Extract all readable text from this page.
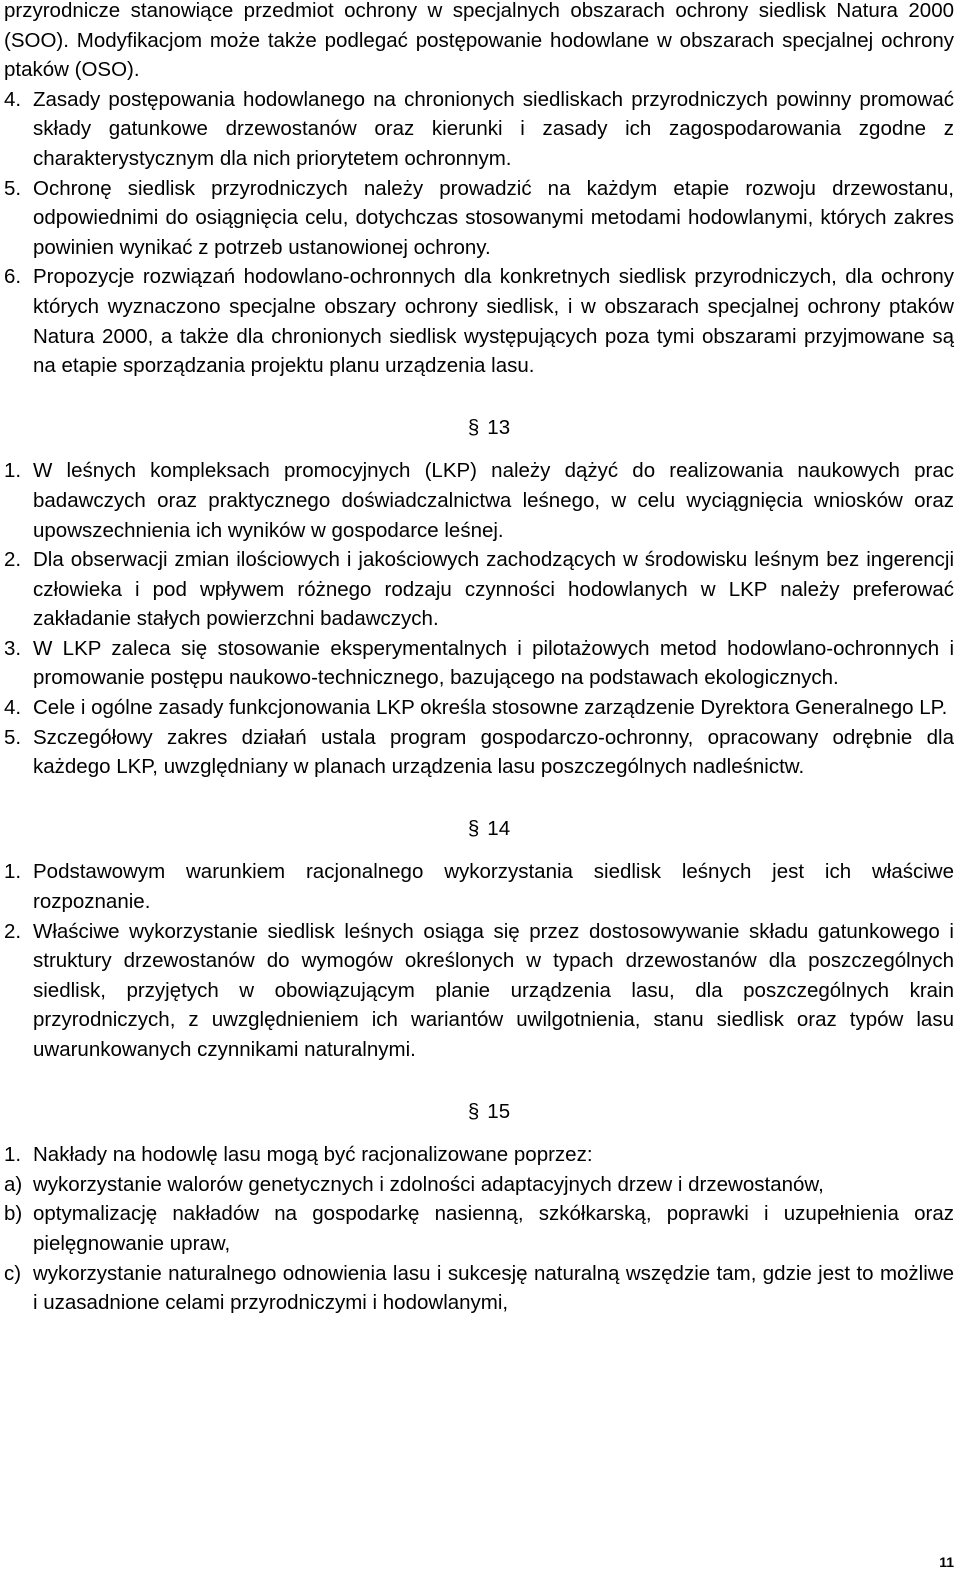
przyrodnicze stanowiące przedmiot ochrony w specjalnych obszarach ochrony siedlisk Natura 2000 (SOO). Modyfikacjom może także podlegać postępowanie hodowlane w obszarach specjalnej ochrony ptaków (OSO).

4. Zasady postępowania hodowlanego na chronionych siedliskach przyrodniczych powinny promować składy gatunkowe drzewostanów oraz kierunki i zasady ich zagospodarowania zgodne z charakterystycznym dla nich priorytetem ochronnym.
5. Ochronę siedlisk przyrodniczych należy prowadzić na każdym etapie rozwoju drzewostanu, odpowiednimi do osiągnięcia celu, dotychczas stosowanymi metodami hodowlanymi, których zakres powinien wynikać z potrzeb ustanowionej ochrony.
6. Propozycje rozwiązań hodowlano-ochronnych dla konkretnych siedlisk przyrodniczych, dla ochrony których wyznaczono specjalne obszary ochrony siedlisk, i w obszarach specjalnej ochrony ptaków Natura 2000, a także dla chronionych siedlisk występujących poza tymi obszarami przyjmowane są na etapie sporządzania projektu planu urządzenia lasu.

§ 13

1. W leśnych kompleksach promocyjnych (LKP) należy dążyć do realizowania naukowych prac badawczych oraz praktycznego doświadczalnictwa leśnego, w celu wyciągnięcia wniosków oraz upowszechnienia ich wyników w gospodarce leśnej.
2. Dla obserwacji zmian ilościowych i jakościowych zachodzących w środowisku leśnym bez ingerencji człowieka i pod wpływem różnego rodzaju czynności hodowlanych w LKP należy preferować zakładanie stałych powierzchni badawczych.
3. W LKP zaleca się stosowanie eksperymentalnych i pilotażowych metod hodowlano-ochronnych i promowanie postępu naukowo-technicznego, bazującego na podstawach ekologicznych.
4. Cele i ogólne zasady funkcjonowania LKP określa stosowne zarządzenie Dyrektora Generalnego LP.
5. Szczegółowy zakres działań ustala program gospodarczo-ochronny, opracowany odrębnie dla każdego LKP, uwzględniany w planach urządzenia lasu poszczególnych nadleśnictw.

§ 14

1. Podstawowym warunkiem racjonalnego wykorzystania siedlisk leśnych jest ich właściwe rozpoznanie.
2. Właściwe wykorzystanie siedlisk leśnych osiąga się przez dostosowywanie składu gatunkowego i struktury drzewostanów do wymogów określonych w typach drzewostanów dla poszczególnych siedlisk, przyjętych w obowiązującym planie urządzenia lasu, dla poszczególnych krain przyrodniczych, z uwzględnieniem ich wariantów uwilgotnienia, stanu siedlisk oraz typów lasu uwarunkowanych czynnikami naturalnymi.

§ 15

1. Nakłady na hodowlę lasu mogą być racjonalizowane poprzez:
a) wykorzystanie walorów genetycznych i zdolności adaptacyjnych drzew i drzewostanów,
b) optymalizację nakładów na gospodarkę nasienną, szkółkarską, poprawki i uzupełnienia oraz pielęgnowanie upraw,
c) wykorzystanie naturalnego odnowienia lasu i sukcesję naturalną wszędzie tam, gdzie jest to możliwe i uzasadnione celami przyrodniczymi i hodowlanymi,
11
